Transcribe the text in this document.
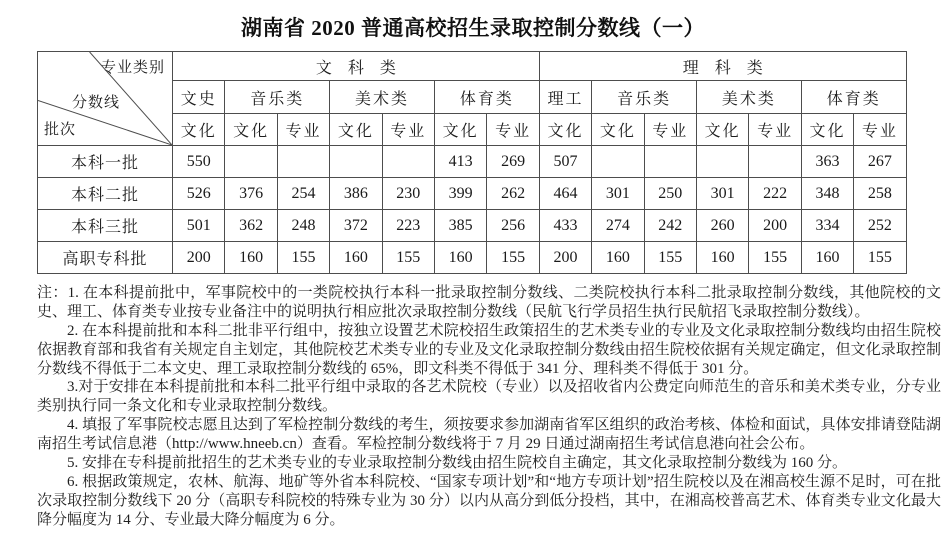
湖南省 2020 普通高校招生录取控制分数线（一）
专业类别
分数线
批次	文　科　类							理　科　类						
	文史	音乐类		美术类		体育类		理工	音乐类		美术类		体育类	
	文化	文化	专业	文化	专业	文化	专业	文化	文化	专业	文化	专业	文化	专业
本科一批	550					413	269	507					363	267
本科二批	526	376	254	386	230	399	262	464	301	250	301	222	348	258
本科三批	501	362	248	372	223	385	256	433	274	242	260	200	334	252
高职专科批	200	160	155	160	155	160	155	200	160	155	160	155	160	155

注：1. 在本科提前批中，军事院校中的一类院校执行本科一批录取控制分数线、二类院校执行本科二批录取控制分数线，其他院校的文史、理工、体育类专业按专业备注中的说明执行相应批次录取控制分数线（民航飞行学员招生执行民航招飞录取控制分数线）。

2. 在本科提前批和本科二批非平行组中，按独立设置艺术院校招生政策招生的艺术类专业的专业及文化录取控制分数线均由招生院校依据教育部和我省有关规定自主划定，其他院校艺术类专业的专业及文化录取控制分数线由招生院校依据有关规定确定，但文化录取控制分数线不得低于二本文史、理工录取控制分数线的 65%，即文科类不得低于 341 分、理科类不得低于 301 分。

3.对于安排在本科提前批和本科二批平行组中录取的各艺术院校（专业）以及招收省内公费定向师范生的音乐和美术类专业，分专业类别执行同一条文化和专业录取控制分数线。

4. 填报了军事院校志愿且达到了军检控制分数线的考生，须按要求参加湖南省军区组织的政治考核、体检和面试，具体安排请登陆湖南招生考试信息港（http://www.hneeb.cn）查看。军检控制分数线将于 7 月 29 日通过湖南招生考试信息港向社会公布。

5. 安排在专科提前批招生的艺术类专业的专业录取控制分数线由招生院校自主确定，其文化录取控制分数线为 160 分。

6. 根据政策规定，农林、航海、地矿等外省本科院校、“国家专项计划”和“地方专项计划”招生院校以及在湘高校生源不足时，可在批次录取控制分数线下 20 分（高职专科院校的特殊专业为 30 分）以内从高分到低分投档，其中，在湘高校普高艺术、体育类专业文化最大降分幅度为 14 分、专业最大降分幅度为 6 分。
